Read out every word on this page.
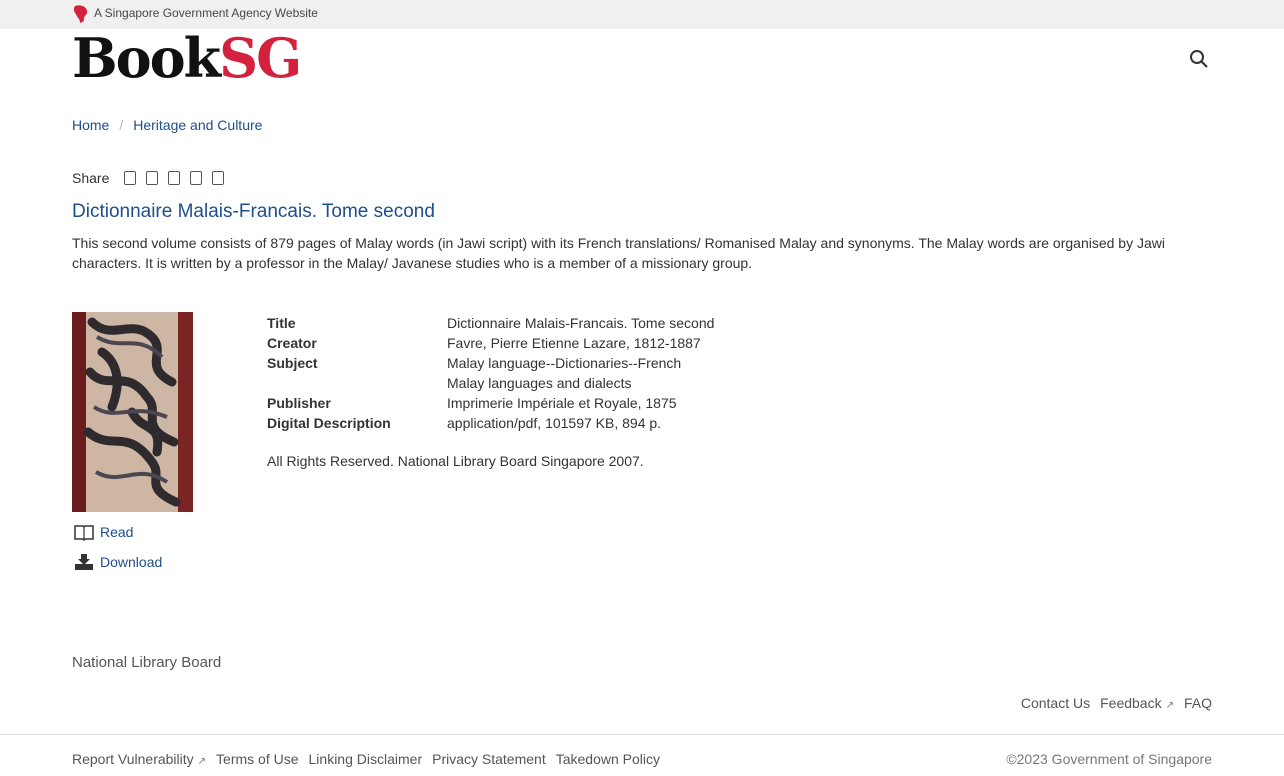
A Singapore Government Agency Website
BookSG
Home / Heritage and Culture
Share
Dictionnaire Malais-Francais. Tome second

This second volume consists of 879 pages of Malay words (in Jawi script) with its French translations/ Romanised Malay and synonyms. The Malay words are organised by Jawi characters. It is written by a professor in the Malay/ Javanese studies who is a member of a missionary group.

Read
Download
Title	Dictionnaire Malais-Francais. Tome second
Creator	Favre, Pierre Etienne Lazare, 1812-1887
Subject	Malay language--Dictionaries--French
Malay languages and dialects
Publisher	Imprimerie Impériale et Royale, 1875
Digital Description	application/pdf, 101597 KB, 894 p.

All Rights Reserved. National Library Board Singapore 2007.

National Library Board
Contact Us Feedback ↗ FAQ
Report Vulnerability ↗ Terms of Use Linking Disclaimer Privacy Statement Takedown Policy	©2023 Government of Singapore
